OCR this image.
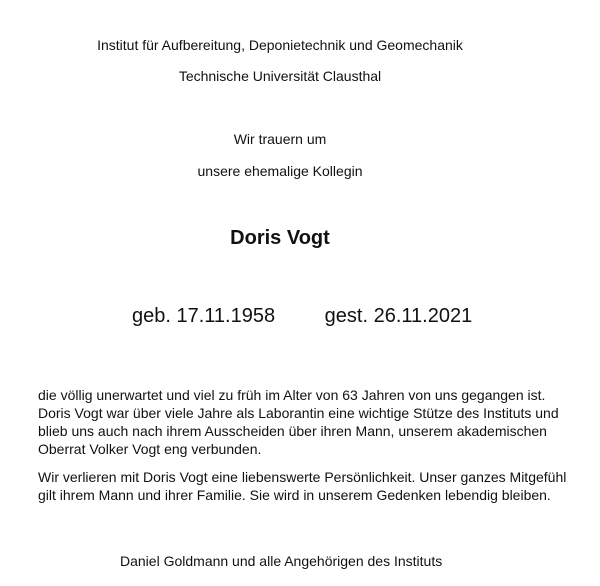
Institut für Aufbereitung, Deponietechnik und Geomechanik
Technische Universität Clausthal
Wir trauern um
unsere ehemalige Kollegin
Doris Vogt
geb. 17.11.1958 gest. 26.11.2021
die völlig unerwartet und viel zu früh im Alter von 63 Jahren von uns gegangen ist.
Doris Vogt war über viele Jahre als Laborantin eine wichtige Stütze des Instituts und
blieb uns auch nach ihrem Ausscheiden über ihren Mann, unserem akademischen
Oberrat Volker Vogt eng verbunden.
Wir verlieren mit Doris Vogt eine liebenswerte Persönlichkeit. Unser ganzes Mitgefühl
gilt ihrem Mann und ihrer Familie. Sie wird in unserem Gedenken lebendig bleiben.
Daniel Goldmann und alle Angehörigen des Instituts
